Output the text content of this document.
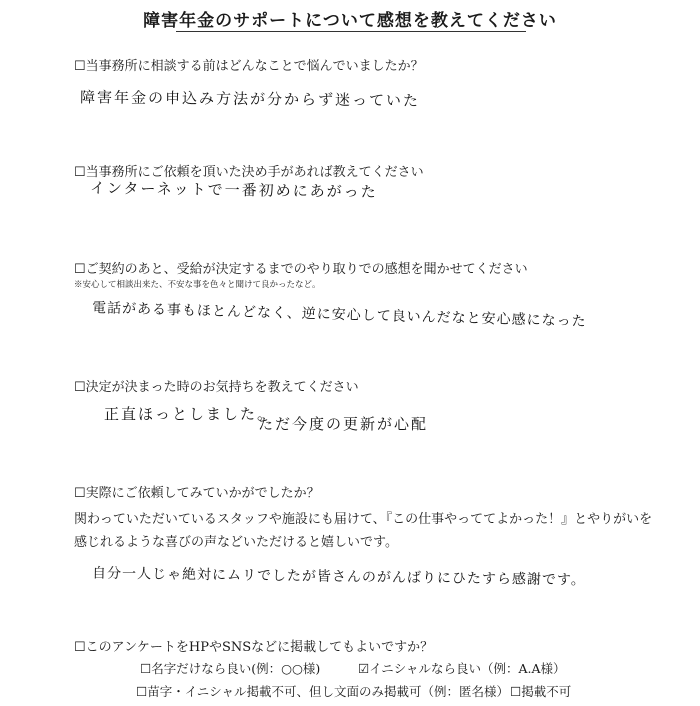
障害年金のサポートについて感想を教えてください
☐当事務所に相談する前はどんなことで悩んでいましたか？
障害年金の申込み方法が分からず迷っていた
☐当事務所にご依頼を頂いた決め手があれば教えてください
インターネットで一番初めにあがった
☐ご契約のあと、受給が決定するまでのやり取りでの感想を聞かせてください
※安心して相談出来た、不安な事を色々と聞けて良かったなど。
電話がある事もほとんどなく、逆に安心して良いんだなと安心感になった
☐決定が決まった時のお気持ちを教えてください
正直ほっとしました。
ただ今度の更新が心配
☐実際にご依頼してみていかがでしたか？
関わっていただいているスタッフや施設にも届けて、『この仕事やっててよかった！』とやりがいを
感じれるような喜びの声などいただけると嬉しいです。
自分一人じゃ絶対にムリでしたが皆さんのがんばりにひたすら感謝です。
☐このアンケートをHPやSNSなどに掲載してもよいですか？
☐名字だけなら良い(例：○○様)	☑イニシャルなら良い（例：A.A様）
☐苗字・イニシャル掲載不可、但し文面のみ掲載可（例：匿名様） ☐掲載不可
